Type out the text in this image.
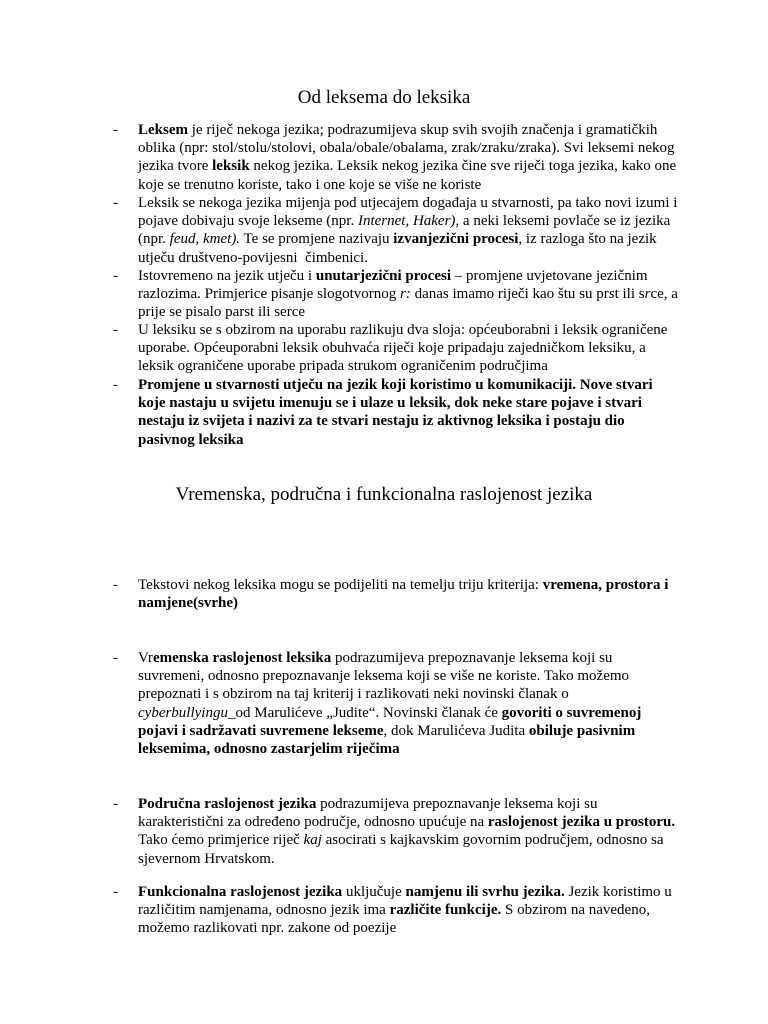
Od leksema do leksika
Vremenska, područna i funkcionalna raslojenost jezika
- Leksem je riječ nekoga jezika; podrazumijeva skup svih svojih značenja i gramatičkih oblika (npr: stol/stolu/stolovi, obala/obale/obalama, zrak/zraku/zraka). Svi leksemi nekog jezika tvore leksik nekog jezika. Leksik nekog jezika čine sve riječi toga jezika, kako one koje se trenutno koriste, tako i one koje se više ne koriste

- Leksik se nekoga jezika mijenja pod utjecajem događaja u stvarnosti, pa tako novi izumi i pojave dobivaju svoje lekseme (npr. Internet, Haker), a neki leksemi povlače se iz jezika (npr. feud, kmet). Te se promjene nazivaju izvanjezični procesi, iz razloga što na jezik utječu društveno-povijesni  čimbenici.

- Istovremeno na jezik utječu i unutarjezični procesi – promjene uvjetovane jezičnim razlozima. Primjerice pisanje slogotvornog r: danas imamo riječi kao štu su prst ili srce, a prije se pisalo parst ili serce

- U leksiku se s obzirom na uporabu razlikuju dva sloja: općeuborabni i leksik ograničene uporabe. Općeuporabni leksik obuhvaća riječi koje pripadaju zajedničkom leksiku, a leksik ograničene uporabe pripada strukom ograničenim područjima

- Promjene u stvarnosti utječu na jezik koji koristimo u komunikaciji. Nove stvari koje nastaju u svijetu imenuju se i ulaze u leksik, dok neke stare pojave i stvari nestaju iz svijeta i nazivi za te stvari nestaju iz aktivnog leksika i postaju dio pasivnog leksika

- Tekstovi nekog leksika mogu se podijeliti na temelju triju kriterija: vremena, prostora i namjene(svrhe)

- Vremenska raslojenost leksika podrazumijeva prepoznavanje leksema koji su suvremeni, odnosno prepoznavanje leksema koji se više ne koriste. Tako možemo prepoznati i s obzirom na taj kriterij i razlikovati neki novinski članak o cyberbullyingu_od Marulićeve „Judite“. Novinski članak će govoriti o suvremenoj pojavi i sadržavati suvremene lekseme, dok Marulićeva Judita obiluje pasivnim leksemima, odnosno zastarjelim riječima

- Područna raslojenost jezika podrazumijeva prepoznavanje leksema koji su karakteristični za određeno područje, odnosno upućuje na raslojenost jezika u prostoru. Tako ćemo primjerice riječ kaj asocirati s kajkavskim govornim područjem, odnosno sa sjevernom Hrvatskom.

- Funkcionalna raslojenost jezika uključuje namjenu ili svrhu jezika. Jezik koristimo u različitim namjenama, odnosno jezik ima različite funkcije. S obzirom na navedeno, možemo razlikovati npr. zakone od poezije
